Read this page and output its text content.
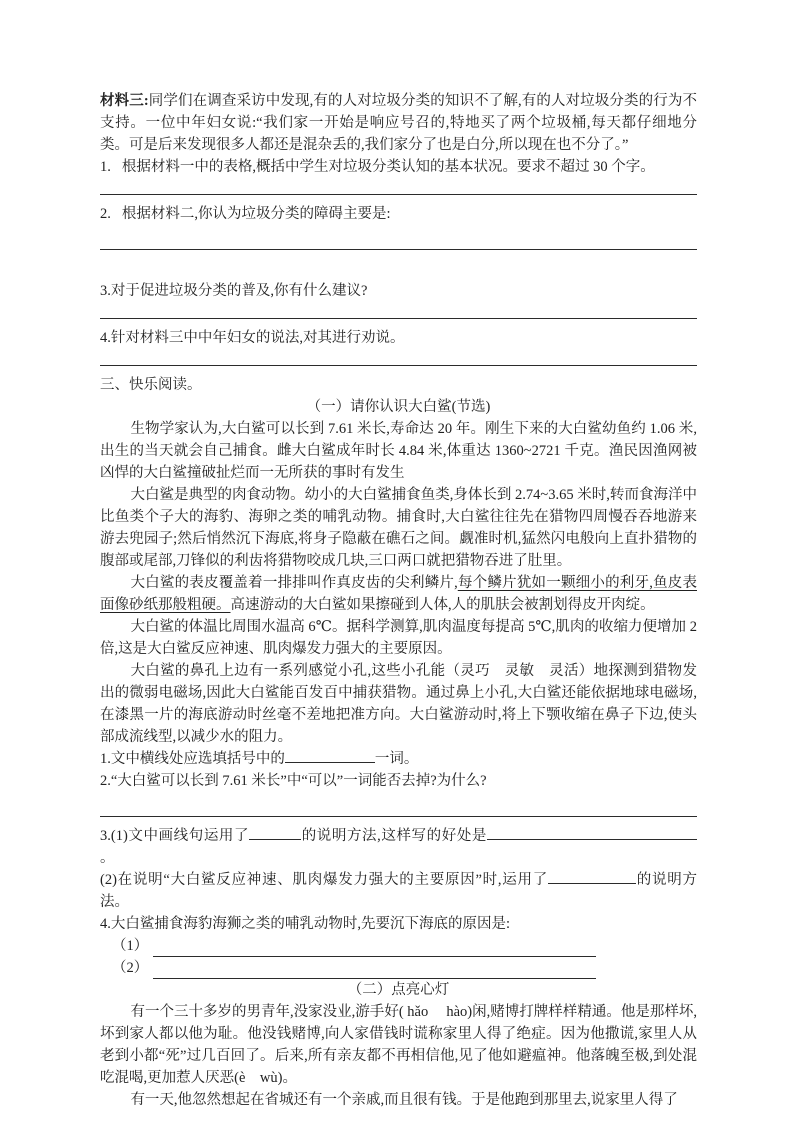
材料三:同学们在调查采访中发现,有的人对垃圾分类的知识不了解,有的人对垃圾分类的行为不支持。一位中年妇女说:“我们家一开始是响应号召的,特地买了两个垃圾桶,每天都仔细地分类。可是后来发现很多人都还是混杂丢的,我们家分了也是白分,所以现在也不分了。”

1. 根据材料一中的表格,概括中学生对垃圾分类认知的基本状况。要求不超过 30 个字。

2. 根据材料二,你认为垃圾分类的障碍主要是:

3.对于促进垃圾分类的普及,你有什么建议?

4.针对材料三中中年妇女的说法,对其进行劝说。

三、快乐阅读。

（一）请你认识大白鲨(节选)

生物学家认为,大白鲨可以长到 7.61 米长,寿命达 20 年。刚生下来的大白鲨幼鱼约 1.06 米,出生的当天就会自己捕食。雌大白鲨成年时长 4.84 米,体重达 1360~2721 千克。渔民因渔网被凶悍的大白鲨撞破扯烂而一无所获的事时有发生

大白鲨是典型的肉食动物。幼小的大白鲨捕食鱼类,身体长到 2.74~3.65 米时,转而食海洋中比鱼类个子大的海豹、海卵之类的哺乳动物。捕食时,大白鲨往往先在猎物四周慢吞吞地游来游去兜园子;然后悄然沉下海底,将身子隐蔽在礁石之间。觑准时机,猛然闪电般向上直扑猎物的腹部或尾部,刀锋似的利齿将猎物咬成几块,三口两口就把猎物吞进了肚里。

大白鲨的表皮覆盖着一排排叫作真皮齿的尖利鳞片,每个鳞片犹如一颗细小的利牙,鱼皮表面像砂纸那般粗硬。高速游动的大白鲨如果擦碰到人体,人的肌肤会被割划得皮开肉绽。

大白鲨的体温比周围水温高 6℃。据科学测算,肌肉温度每提高 5℃,肌肉的收缩力便增加 2 倍,这是大白鲨反应神速、肌肉爆发力强大的主要原因。

大白鲨的鼻孔上边有一系列感觉小孔,这些小孔能（灵巧　灵敏　灵活）地探测到猎物发出的微弱电磁场,因此大白鲨能百发百中捕获猎物。通过鼻上小孔,大白鲨还能依据地球电磁场,在漆黑一片的海底游动时丝毫不差地把准方向。大白鲨游动时,将上下颚收缩在鼻子下边,使头部成流线型,以减少水的阻力。

1.文中横线处应选填括号中的	一词。

2.“大白鲨可以长到 7.61 米长”中“可以”一词能否去掉?为什么?

3.(1)文中画线句运用了	的说明方法,这样写的好处是。

(2)在说明“大白鲨反应神速、肌肉爆发力强大的主要原因”时,运用了	的说明方法。

4.大白鲨捕食海豹海狮之类的哺乳动物时,先要沉下海底的原因是:

（1）
（2）

（二）点亮心灯

有一个三十多岁的男青年,没家没业,游手好( hǎo　 hào)闲,赌博打牌样样精通。他是那样坏,坏到家人都以他为耻。他没钱赌博,向人家借钱时谎称家里人得了绝症。因为他撒谎,家里人从老到小都“死”过几百回了。后来,所有亲友都不再相信他,见了他如避瘟神。他落魄至极,到处混吃混喝,更加惹人厌恶(è　wù)。

有一天,他忽然想起在省城还有一个亲戚,而且很有钱。于是他跑到那里去,说家里人得了
